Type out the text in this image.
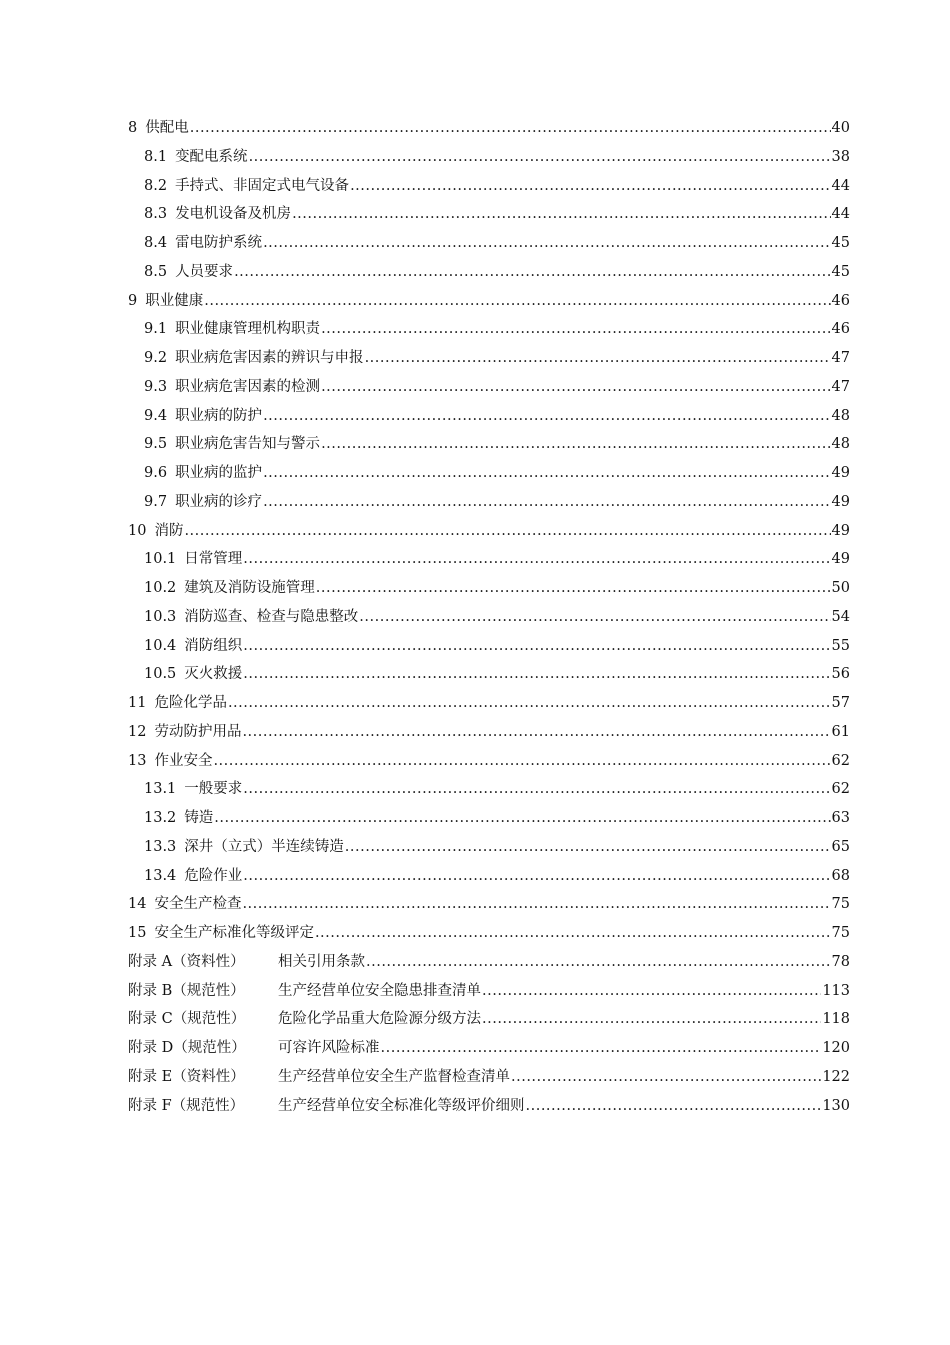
8 供配电 .....	40
8.1 变配电系统 .....	38
8.2 手持式、非固定式电气设备 .....	44
8.3 发电机设备及机房 .....	44
8.4 雷电防护系统 .....	45
8.5 人员要求 .....	45
9 职业健康 .....	46
9.1 职业健康管理机构职责 .....	46
9.2 职业病危害因素的辨识与申报 .....	47
9.3 职业病危害因素的检测 .....	47
9.4 职业病的防护 .....	48
9.5 职业病危害告知与警示 .....	48
9.6 职业病的监护 .....	49
9.7 职业病的诊疗 .....	49
10 消防 .....	49
10.1 日常管理 .....	49
10.2 建筑及消防设施管理 .....	50
10.3 消防巡查、检查与隐患整改 .....	54
10.4 消防组织 .....	55
10.5 灭火救援 .....	56
11 危险化学品 .....	57
12 劳动防护用品 .....	61
13 作业安全 .....	62
13.1 一般要求 .....	62
13.2 铸造 .....	63
13.3 深井（立式）半连续铸造 .....	65
13.4 危险作业 .....	68
14 安全生产检查 .....	75
15 安全生产标准化等级评定 .....	75
附录 A（资料性）	相关引用条款 .....	78
附录 B（规范性）	生产经营单位安全隐患排查清单 .....	113
附录 C（规范性）	危险化学品重大危险源分级方法 .....	118
附录 D（规范性）	可容许风险标准 .....	120
附录 E（资料性）	生产经营单位安全生产监督检查清单 .....	122
附录 F（规范性）	生产经营单位安全标准化等级评价细则 .....	130
